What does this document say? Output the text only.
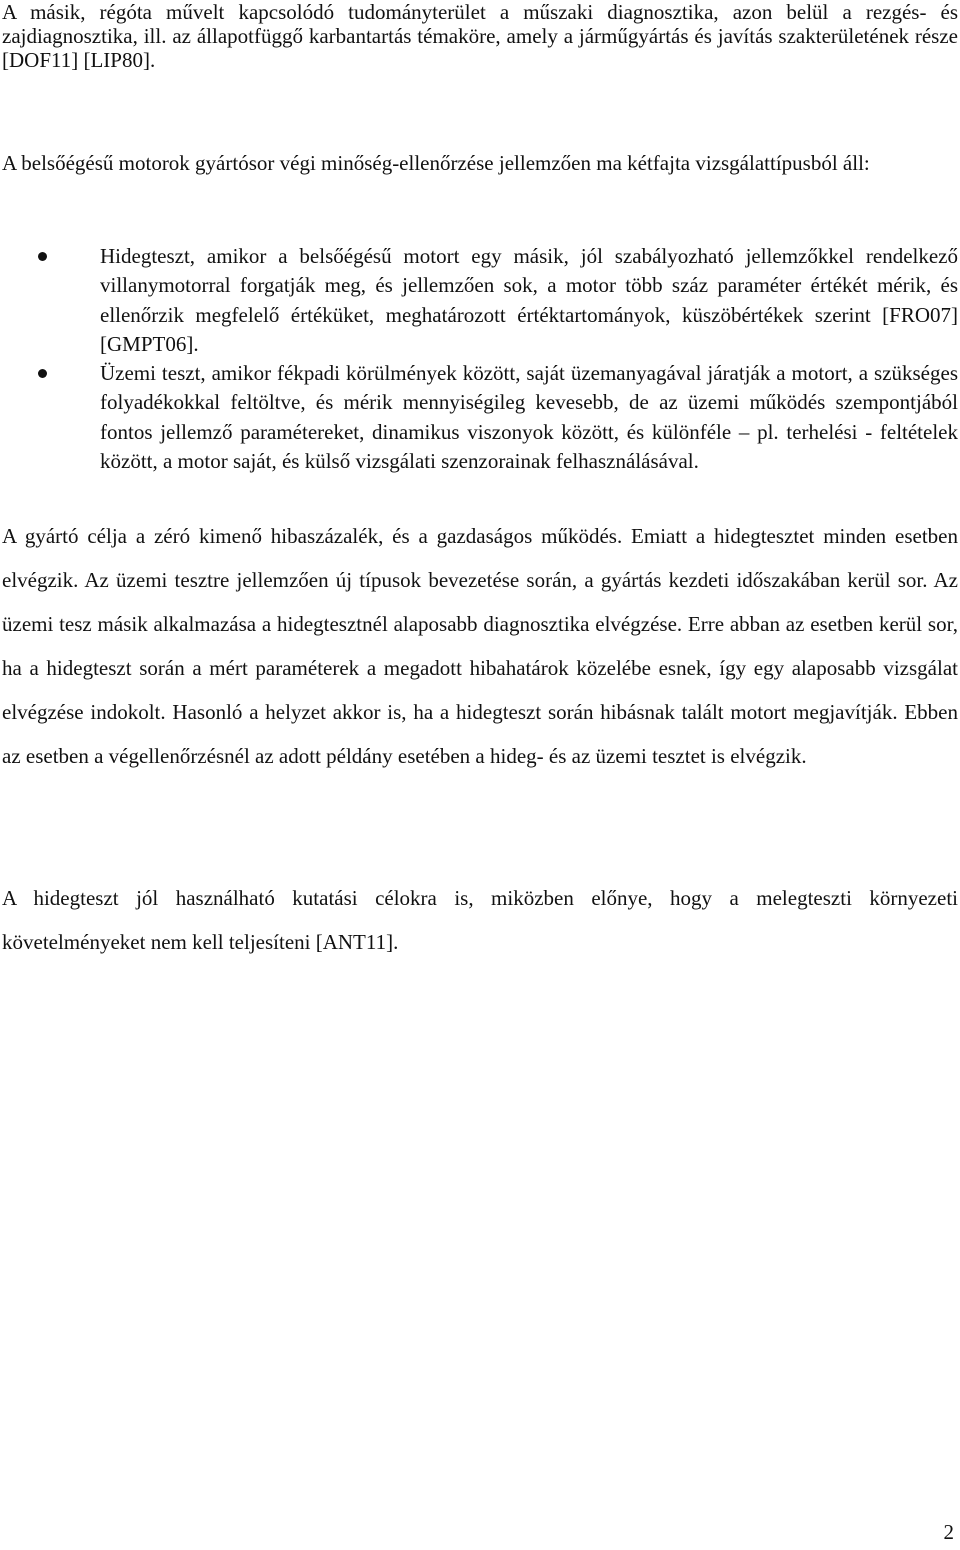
A másik, régóta művelt kapcsolódó tudományterület a műszaki diagnosztika, azon belül a rezgés- és zajdiagnosztika, ill. az állapotfüggő karbantartás témaköre, amely a járműgyártás és javítás szakterületének része [DOF11] [LIP80].

A belsőégésű motorok gyártósor végi minőség-ellenőrzése jellemzően ma kétfajta vizsgálattípusból áll:

Hidegteszt, amikor a belsőégésű motort egy másik, jól szabályozható jellemzőkkel rendelkező villanymotorral forgatják meg, és jellemzően sok, a motor több száz paraméter értékét mérik, és ellenőrzik megfelelő értéküket, meghatározott értéktartományok, küszöbértékek szerint [FRO07] [GMPT06].
Üzemi teszt, amikor fékpadi körülmények között, saját üzemanyagával járatják a motort, a szükséges folyadékokkal feltöltve, és mérik mennyiségileg kevesebb, de az üzemi működés szempontjából fontos jellemző paramétereket, dinamikus viszonyok között, és különféle – pl. terhelési - feltételek között, a motor saját, és külső vizsgálati szenzorainak felhasználásával.

A gyártó célja a zéró kimenő hibaszázalék, és a gazdaságos működés. Emiatt a hidegtesztet minden esetben elvégzik. Az üzemi tesztre jellemzően új típusok bevezetése során, a gyártás kezdeti időszakában kerül sor. Az üzemi tesz másik alkalmazása a hidegtesztnél alaposabb diagnosztika elvégzése. Erre abban az esetben kerül sor, ha a hidegteszt során a mért paraméterek a megadott hibahatárok közelébe esnek, így egy alaposabb vizsgálat elvégzése indokolt. Hasonló a helyzet akkor is, ha a hidegteszt során hibásnak talált motort megjavítják. Ebben az esetben a végellenőrzésnél az adott példány esetében a hideg- és az üzemi tesztet is elvégzik.

A hidegteszt jól használható kutatási célokra is, miközben előnye, hogy a melegteszti környezeti követelményeket nem kell teljesíteni [ANT11].

2
